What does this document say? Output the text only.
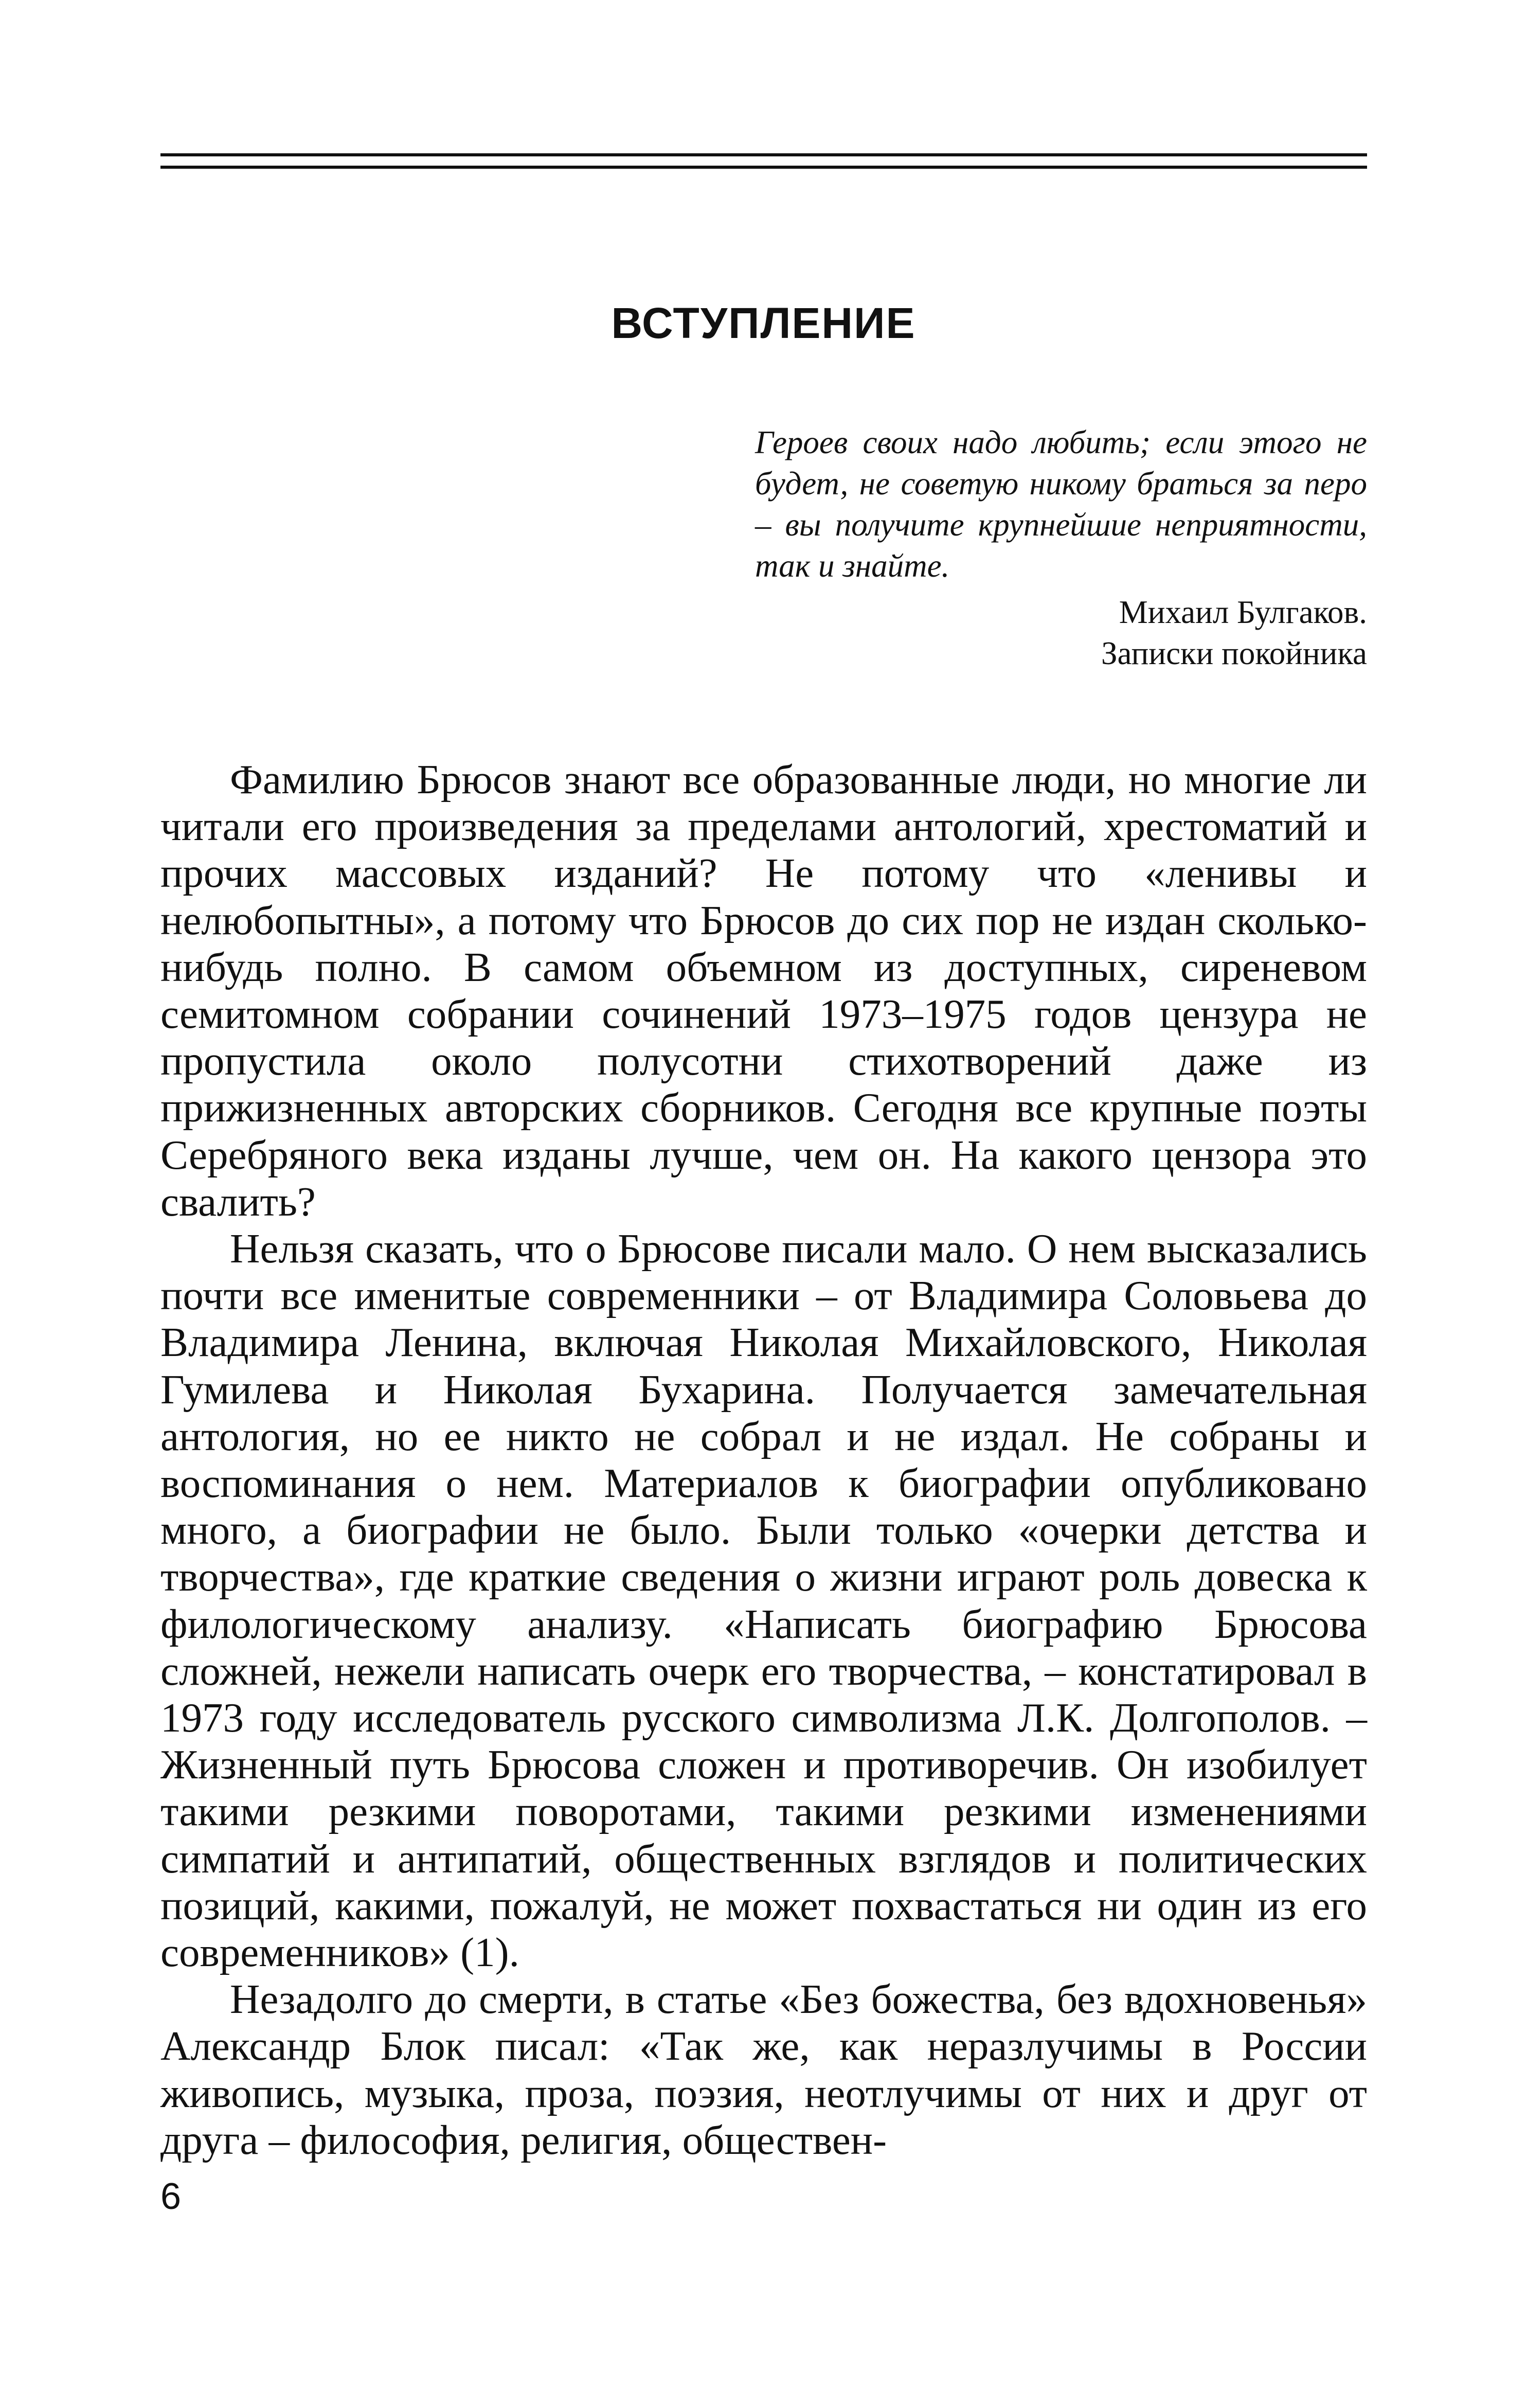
ВСТУПЛЕНИЕ

Героев своих надо любить; если этого не будет, не советую никому браться за перо – вы получите крупнейшие неприятности, так и знайте.

Михаил Булгаков.
Записки покойника

Фамилию Брюсов знают все образованные люди, но многие ли читали его произведения за пределами антологий, хрестоматий и прочих массовых изданий? Не потому что «ленивы и нелюбопытны», а потому что Брюсов до сих пор не издан сколько-нибудь полно. В самом объемном из доступных, сиреневом семитомном собрании сочинений 1973–1975 годов цензура не пропустила около полусотни стихотворений даже из прижизненных авторских сборников. Сегодня все крупные поэты Серебряного века изданы лучше, чем он. На какого цензора это свалить?

Нельзя сказать, что о Брюсове писали мало. О нем высказались почти все именитые современники – от Владимира Соловьева до Владимира Ленина, включая Николая Михайловского, Николая Гумилева и Николая Бухарина. Получается замечательная антология, но ее никто не собрал и не издал. Не собраны и воспоминания о нем. Материалов к биографии опубликовано много, а биографии не было. Были только «очерки детства и творчества», где краткие сведения о жизни играют роль довеска к филологическому анализу. «Написать биографию Брюсова сложней, нежели написать очерк его творчества, – констатировал в 1973 году исследователь русского символизма Л.К. Долгополов. – Жизненный путь Брюсова сложен и противоречив. Он изобилует такими резкими поворотами, такими резкими изменениями симпатий и антипатий, общественных взглядов и политических позиций, какими, пожалуй, не может похвастаться ни один из его современников» (1).

Незадолго до смерти, в статье «Без божества, без вдохновенья» Александр Блок писал: «Так же, как неразлучимы в России живопись, музыка, проза, поэзия, неотлучимы от них и друг от друга – философия, религия, обществен-

6
